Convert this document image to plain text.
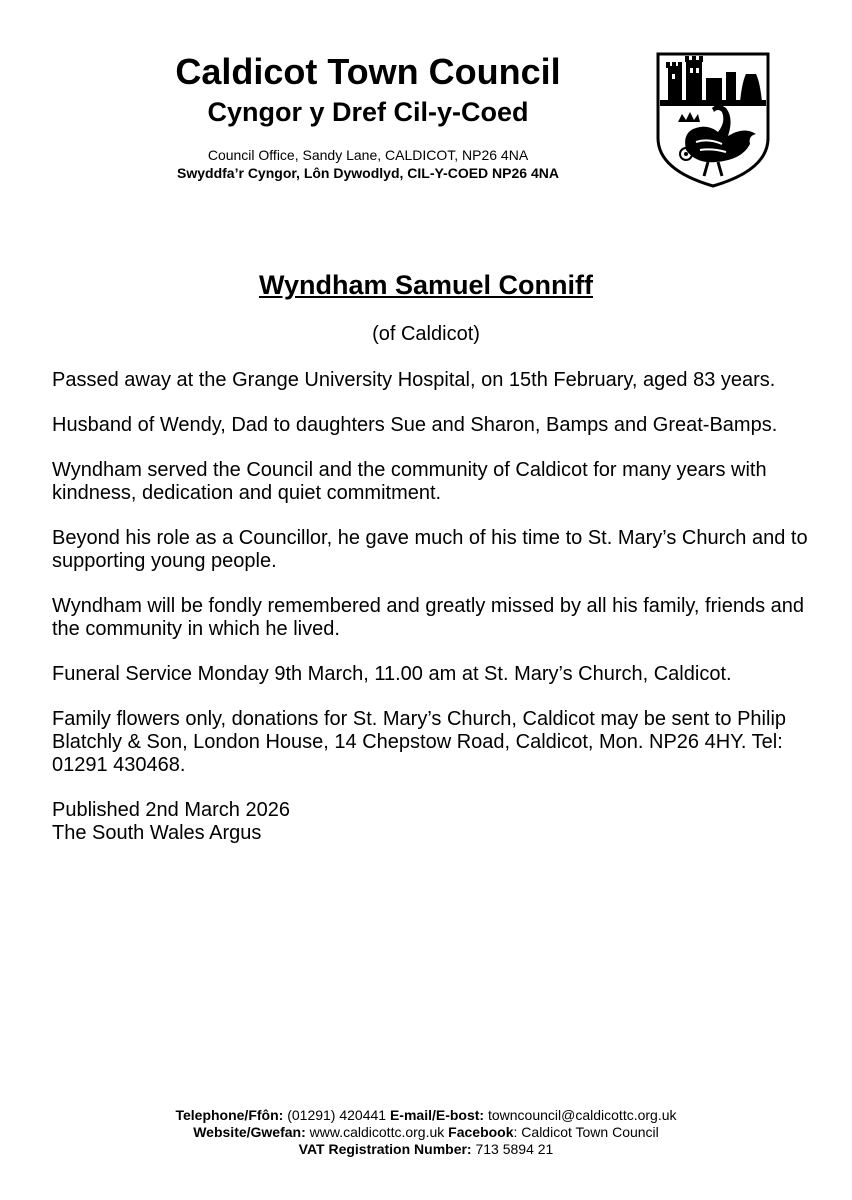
Caldicot Town Council
Cyngor y Dref Cil-y-Coed
Council Office, Sandy Lane, CALDICOT, NP26 4NA
Swyddfa’r Cyngor, Lôn Dywodlyd, CIL-Y-COED NP26 4NA
Wyndham Samuel Conniff
(of Caldicot)

Passed away at the Grange University Hospital, on 15th February, aged 83 years.

Husband of Wendy, Dad to daughters Sue and Sharon, Bamps and Great-Bamps.

Wyndham served the Council and the community of Caldicot for many years with kindness, dedication and quiet commitment.

Beyond his role as a Councillor, he gave much of his time to St. Mary’s Church and to supporting young people.

Wyndham will be fondly remembered and greatly missed by all his family, friends and the community in which he lived.

Funeral Service Monday 9th March, 11.00 am at St. Mary’s Church, Caldicot.

Family flowers only, donations for St. Mary’s Church, Caldicot may be sent to Philip Blatchly & Son, London House, 14 Chepstow Road, Caldicot, Mon. NP26 4HY. Tel: 01291 430468.

Published 2nd March 2026
The South Wales Argus
Telephone/Ffôn: (01291) 420441 E-mail/E-bost: towncouncil@caldicottc.org.uk
Website/Gwefan: www.caldicottc.org.uk Facebook: Caldicot Town Council
VAT Registration Number: 713 5894 21
